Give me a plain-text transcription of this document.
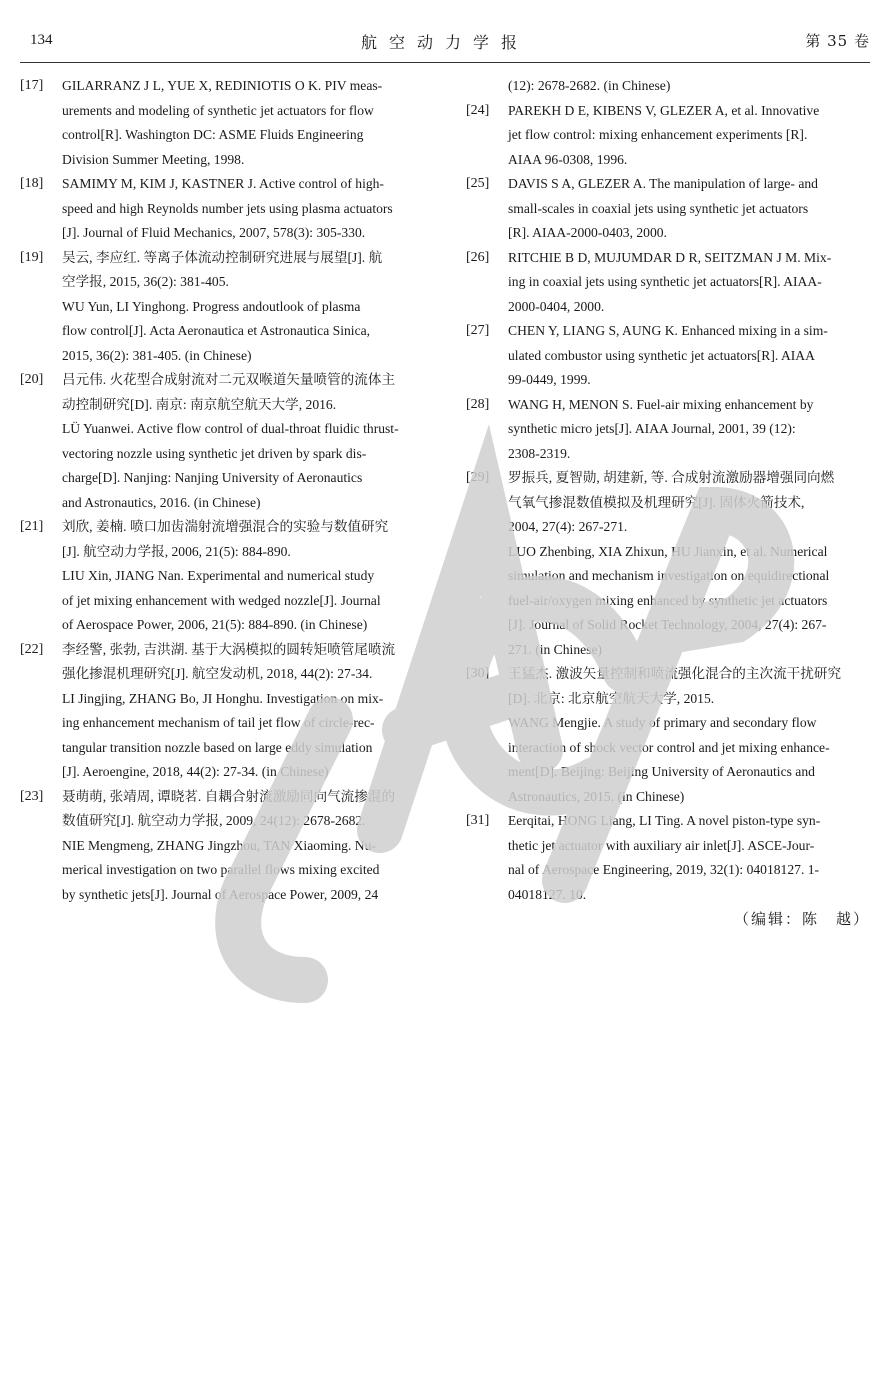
134	航空动力学报	第 35 卷
[17]	GILARRANZ J L, YUE X, REDINIOTIS O K. PIV meas-
urements and modeling of synthetic jet actuators for flow
control[R]. Washington DC: ASME Fluids Engineering
Division Summer Meeting, 1998.
[18]	SAMIMY M, KIM J, KASTNER J. Active control of high-
speed and high Reynolds number jets using plasma actuators
[J]. Journal of Fluid Mechanics, 2007, 578(3): 305-330.
[19]	吴云, 李应红. 等离子体流动控制研究进展与展望[J]. 航
空学报, 2015, 36(2): 381-405.
WU Yun, LI Yinghong. Progress andoutlook of plasma
flow control[J]. Acta Aeronautica et Astronautica Sinica,
2015, 36(2): 381-405. (in Chinese)
[20]	吕元伟. 火花型合成射流对二元双喉道矢量喷管的流体主
动控制研究[D]. 南京: 南京航空航天大学, 2016.
LÜ Yuanwei. Active flow control of dual-throat fluidic thrust-
vectoring nozzle using synthetic jet driven by spark dis-
charge[D]. Nanjing: Nanjing University of Aeronautics
and Astronautics, 2016. (in Chinese)
[21]	刘欣, 姜楠. 喷口加齿湍射流增强混合的实验与数值研究
[J]. 航空动力学报, 2006, 21(5): 884-890.
LIU Xin, JIANG Nan. Experimental and numerical study
of jet mixing enhancement with wedged nozzle[J]. Journal
of Aerospace Power, 2006, 21(5): 884-890. (in Chinese)
[22]	李经警, 张勃, 吉洪湖. 基于大涡模拟的圆转矩喷管尾喷流
强化掺混机理研究[J]. 航空发动机, 2018, 44(2): 27-34.
LI Jingjing, ZHANG Bo, JI Honghu. Investigation on mix-
ing enhancement mechanism of tail jet flow of circle-rec-
tangular transition nozzle based on large eddy simulation
[J]. Aeroengine, 2018, 44(2): 27-34. (in Chinese)
[23]	聂萌萌, 张靖周, 谭晓茗. 自耦合射流激励同向气流掺混的
数值研究[J]. 航空动力学报, 2009, 24(12): 2678-2682.
NIE Mengmeng, ZHANG Jingzhou, TAN Xiaoming. Nu-
merical investigation on two parallel flows mixing excited
by synthetic jets[J]. Journal of Aerospace Power, 2009, 24
(12): 2678-2682. (in Chinese)
[24]	PAREKH D E, KIBENS V, GLEZER A, et al. Innovative
jet flow control: mixing enhancement experiments [R].
AIAA 96-0308, 1996.
[25]	DAVIS S A, GLEZER A. The manipulation of large- and
small-scales in coaxial jets using synthetic jet actuators
[R]. AIAA-2000-0403, 2000.
[26]	RITCHIE B D, MUJUMDAR D R, SEITZMAN J M. Mix-
ing in coaxial jets using synthetic jet actuators[R]. AIAA-
2000-0404, 2000.
[27]	CHEN Y, LIANG S, AUNG K. Enhanced mixing in a sim-
ulated combustor using synthetic jet actuators[R]. AIAA
99-0449, 1999.
[28]	WANG H, MENON S. Fuel-air mixing enhancement by
synthetic micro jets[J]. AIAA Journal, 2001, 39 (12):
2308-2319.
[29]	罗振兵, 夏智勋, 胡建新, 等. 合成射流激励器增强同向燃
气氧气掺混数值模拟及机理研究[J]. 固体火箭技术,
2004, 27(4): 267-271.
LUO Zhenbing, XIA Zhixun, HU Jianxin, et al. Numerical
simulation and mechanism investigation on equidirectional
fuel-air/oxygen mixing enhanced by synthetic jet actuators
[J]. Journal of Solid Rocket Technology, 2004, 27(4): 267-
271. (in Chinese)
[30]	王猛杰. 激波矢量控制和喷流强化混合的主次流干扰研究
[D]. 北京: 北京航空航天大学, 2015.
WANG Mengjie. A study of primary and secondary flow
interaction of shock vector control and jet mixing enhance-
ment[D]. Beijing: Beijing University of Aeronautics and
Astronautics, 2015. (in Chinese)
[31]	Eerqitai, HONG Liang, LI Ting. A novel piston-type syn-
thetic jet actuator with auxiliary air inlet[J]. ASCE-Jour-
nal of Aerospace Engineering, 2019, 32(1): 04018127. 1-
04018127. 10.
（编辑：陈　越）
